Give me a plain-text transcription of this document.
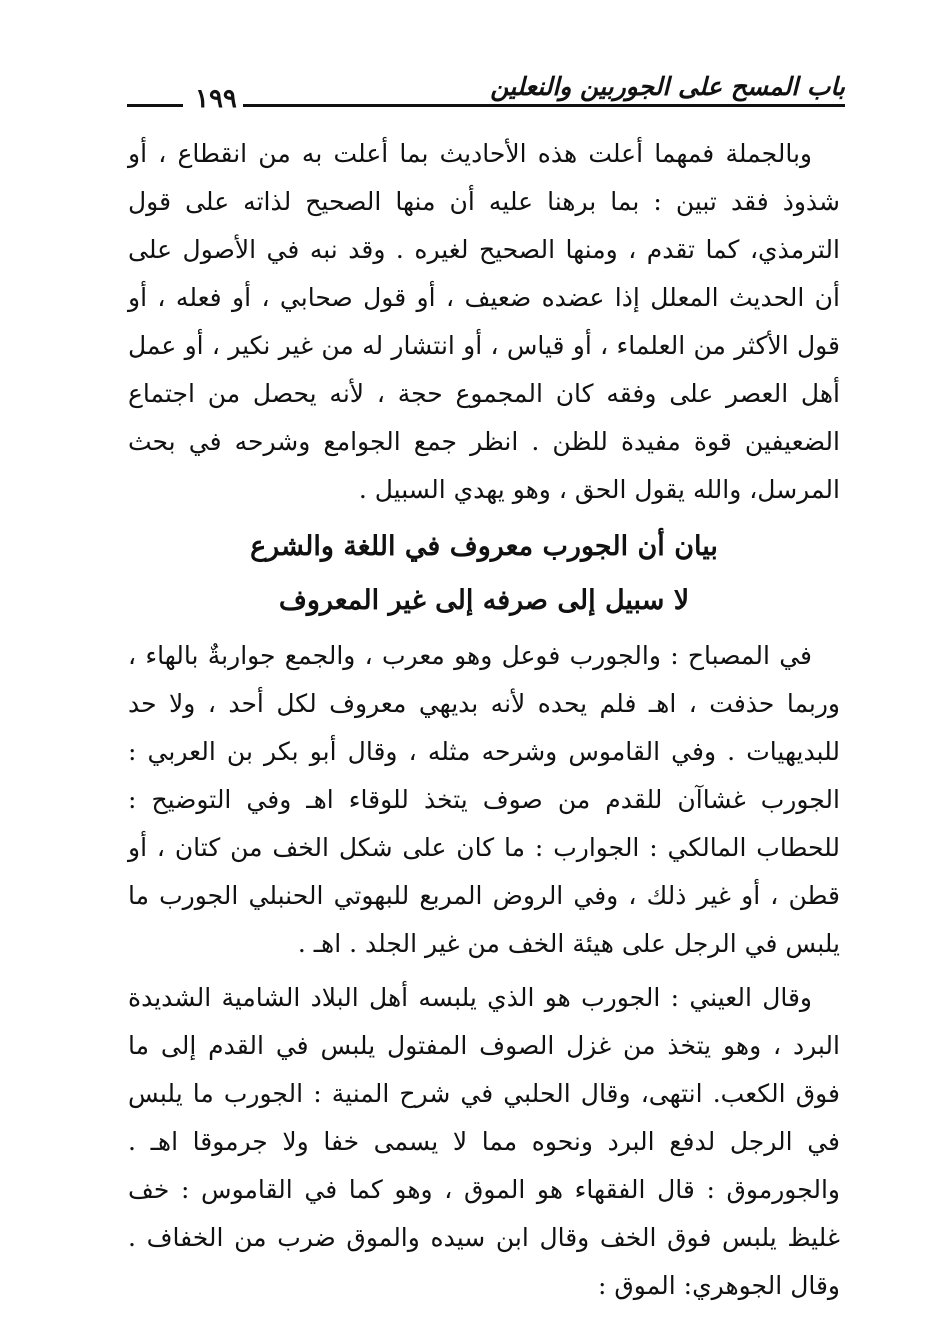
١٩٩	باب المسح على الجوربين والنعلين

وبالجملة فمهما أعلت هذه الأحاديث بما أعلت به من انقطاع ، أو شذوذ فقد تبين : بما برهنا عليه أن منها الصحيح لذاته على قول الترمذي، كما تقدم ، ومنها الصحيح لغيره . وقد نبه في الأصول على أن الحديث المعلل إذا عضده ضعيف ، أو قول صحابي ، أو فعله ، أو قول الأكثر من العلماء ، أو قياس ، أو انتشار له من غير نكير ، أو عمل أهل العصر على وفقه كان المجموع حجة ، لأنه يحصل من اجتماع الضعيفين قوة مفيدة للظن . انظر جمع الجوامع وشرحه في بحث المرسل، والله يقول الحق ، وهو يهدي السبيل .

بيان أن الجورب معروف في اللغة والشرع

لا سبيل إلى صرفه إلى غير المعروف

في المصباح : والجورب فوعل وهو معرب ، والجمع جواربةٌ بالهاء ، وربما حذفت ، اهـ فلم يحده لأنه بديهي معروف لكل أحد ، ولا حد للبديهيات . وفي القاموس وشرحه مثله ، وقال أبو بكر بن العربي : الجورب غشاآن للقدم من صوف يتخذ للوقاء اهـ وفي التوضيح : للحطاب المالكي : الجوارب : ما كان على شكل الخف من كتان ، أو قطن ، أو غير ذلك ، وفي الروض المربع للبهوتي الحنبلي الجورب ما يلبس في الرجل على هيئة الخف من غير الجلد . اهـ .

وقال العيني : الجورب هو الذي يلبسه أهل البلاد الشامية الشديدة البرد ، وهو يتخذ من غزل الصوف المفتول يلبس في القدم إلى ما فوق الكعب. انتهى، وقال الحلبي في شرح المنية : الجورب ما يلبس في الرجل لدفع البرد ونحوه مما لا يسمى خفا ولا جرموقا اهـ . والجورموق : قال الفقهاء هو الموق ، وهو كما في القاموس : خف غليظ يلبس فوق الخف وقال ابن سيده والموق ضرب من الخفاف . وقال الجوهري: الموق :
